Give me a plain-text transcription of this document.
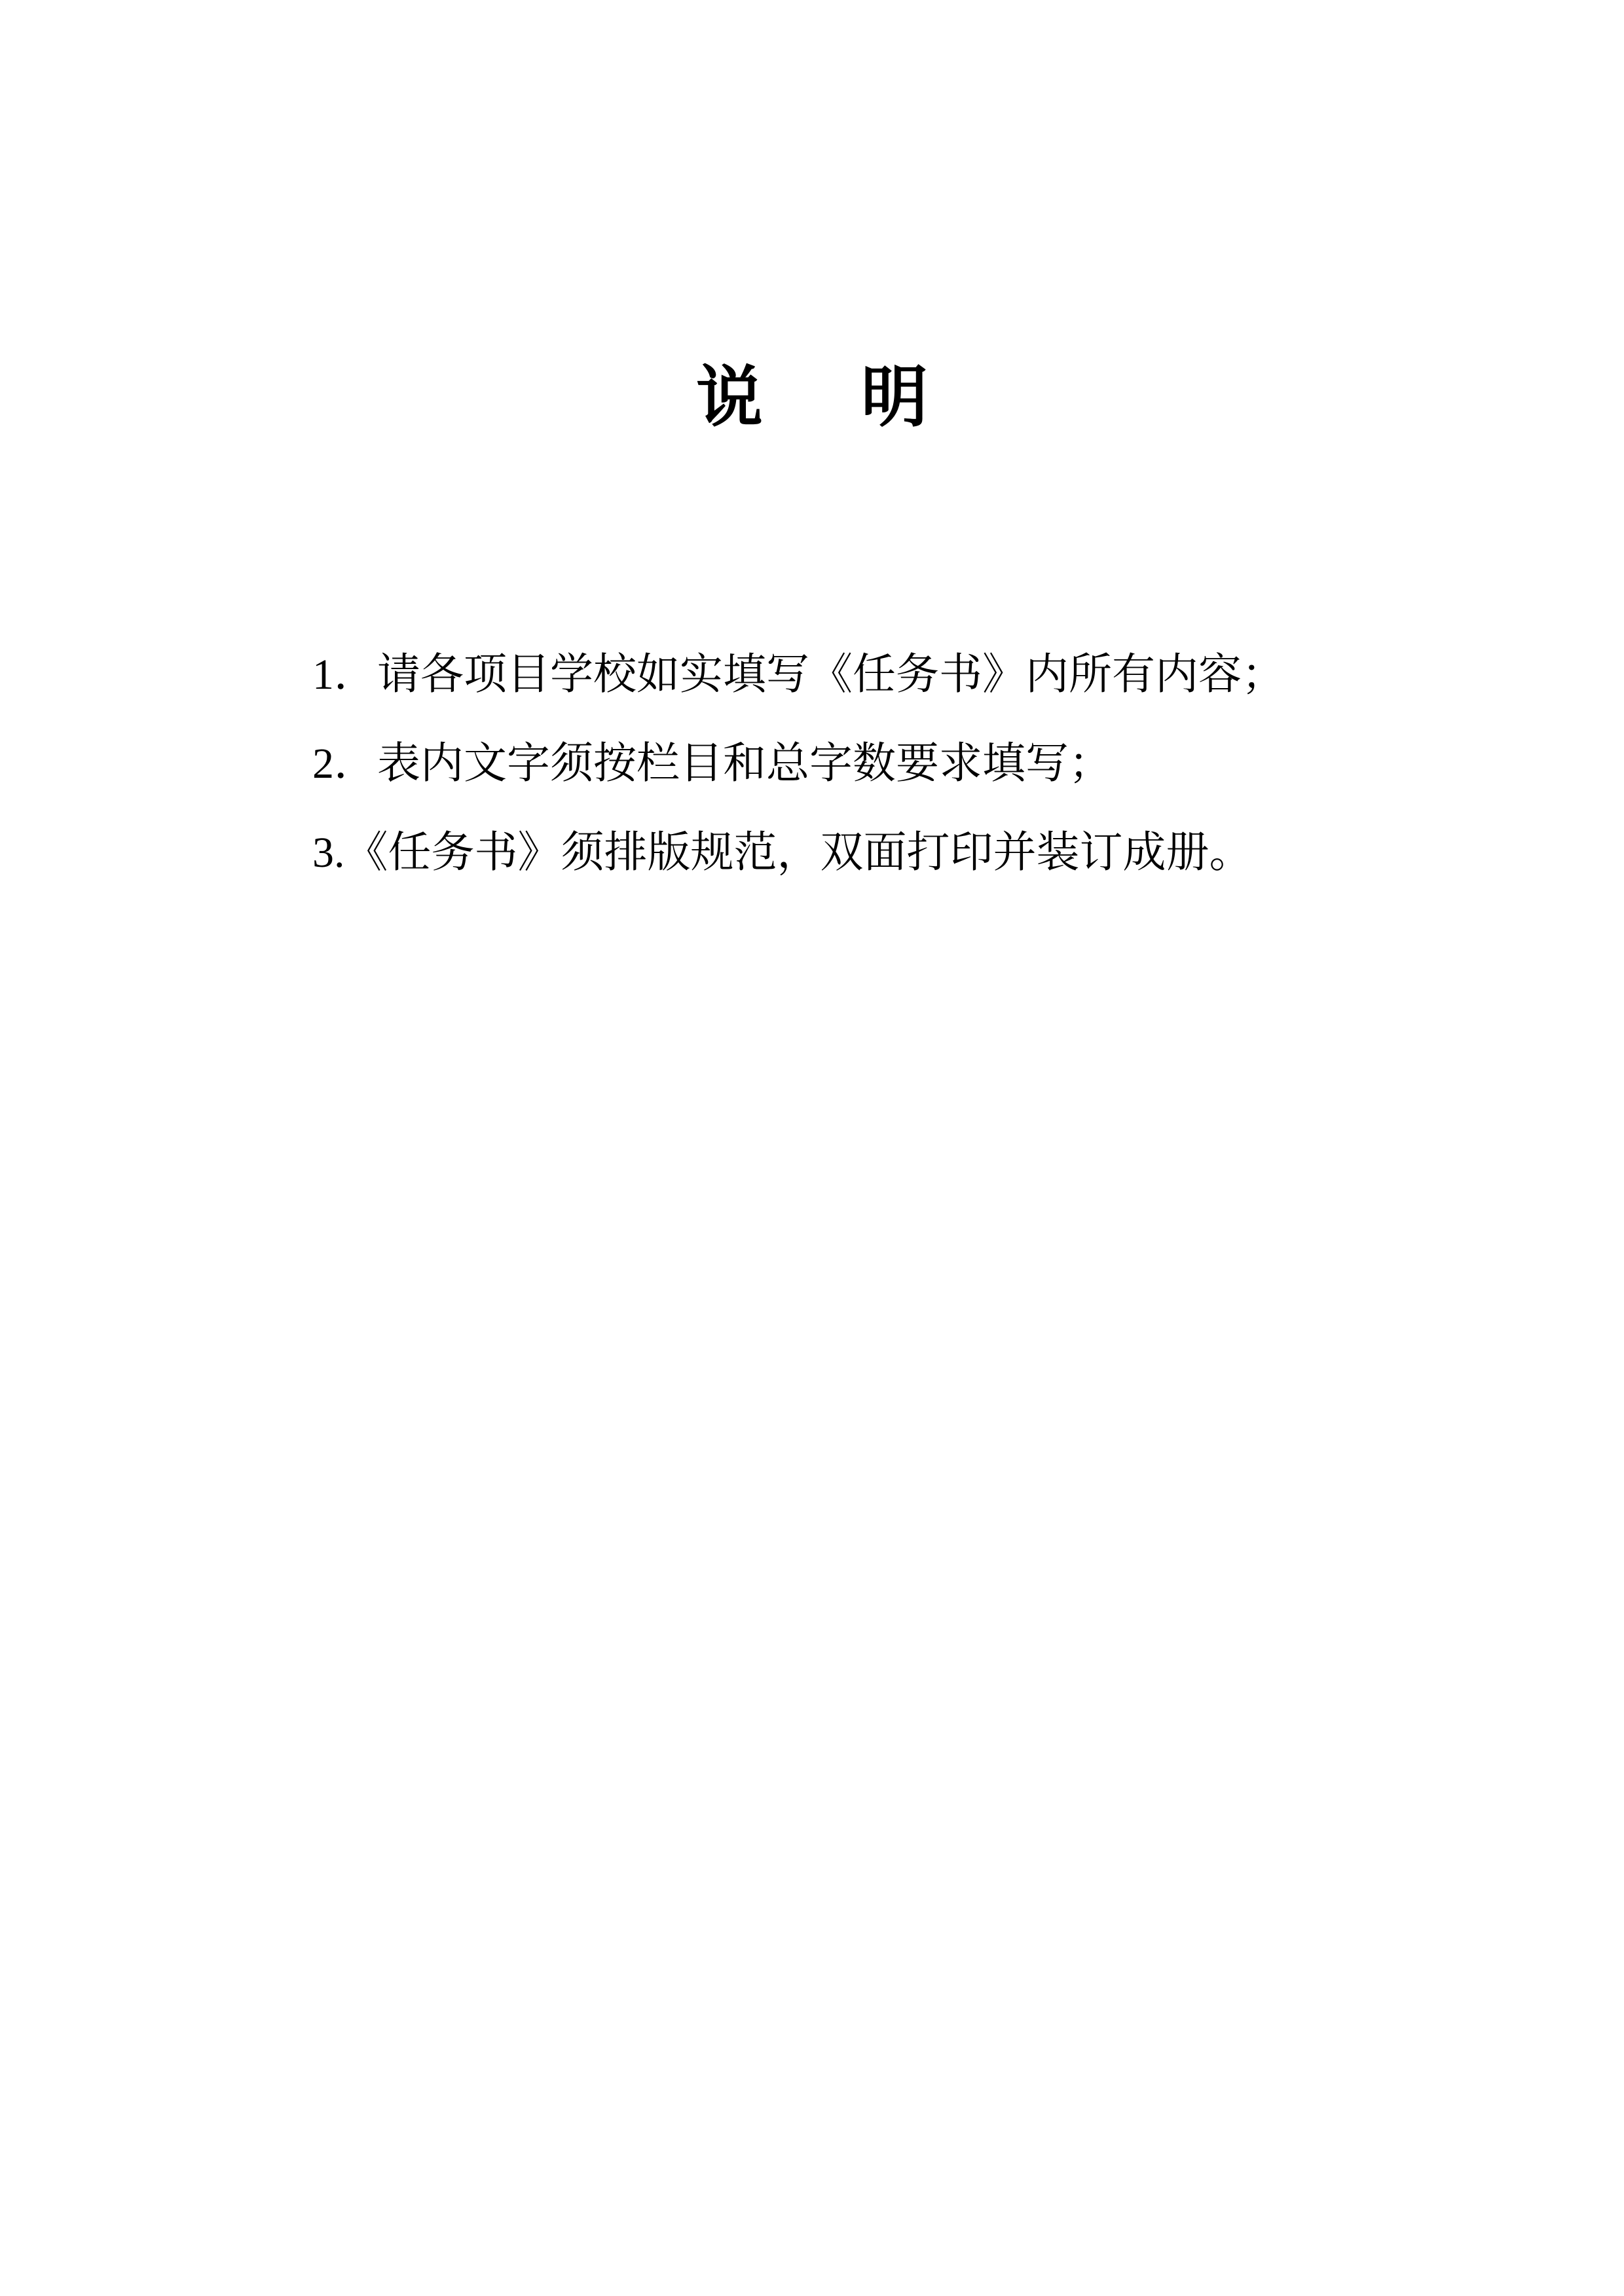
说 明
1．请各项目学校如实填写《任务书》内所有内容；
2．表内文字须按栏目和总字数要求填写；
3.《任务书》须排版规范，双面打印并装订成册。
